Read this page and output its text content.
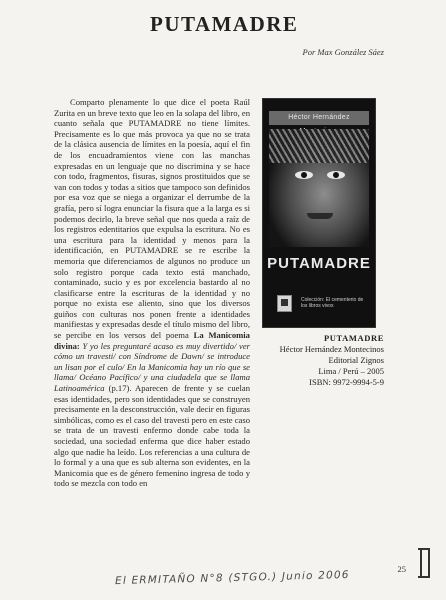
PUTAMADRE
Por Max González Sáez

Comparto plenamente lo que dice el poeta Raúl Zurita en un breve texto que leo en la solapa del libro, en cuanto señala que PUTAMADRE no tiene límites. Precisamente es lo que más provoca ya que no se trata de la clásica ausencia de límites en la poesía, aquí el fin de los encuadramientos viene con las manchas expresadas en un lenguaje que no discrimina y se hace con todo, fragmentos, fisuras, signos prostituidos que se van con todos y todas a sitios que tampoco son definidos por esa voz que se niega a organizar el derrumbe de la grafía, pero sí logra enunciar la fisura que a la larga es si podemos decirlo, la breve señal que nos queda a raíz de los registros edentitarios que expulsa la escritura. No es una escritura para la identidad y menos para la identificación, en PUTAMADRE se re escribe la memoria que diferenciamos de algunos no produce un solo registro porque cada texto está manchado, contaminado, sucio y es por excelencia bastardo al no clasificarse entre la escrituras de la identidad y no porque no exista ese aliento, sino que los diversos guiños con culturas nos ponen frente a identidades manifiestas y expresadas desde el título mismo del libro, se percibe en los versos del poema La Manicomia divina: Y yo les preguntaré acaso es muy divertido/ ver cómo un travesti/ con Síndrome de Dawn/ se introduce un lisan por el culo/ En la Manicomia hay un río que se llama/ Océano Pacífico/ y una ciudadela que se llama Latinoamérica (p.17). Aparecen de frente y se cuelan esas identidades, pero son identidades que se construyen precisamente en la desconstrucción, vale decir en figuras simbólicas, como es el caso del travesti pero en este caso se trata de un travesti enfermo donde cabe toda la sociedad, una sociedad enferma que dice haber estado algo que nadie ha leído. Los referencias a una cultura de lo formal y a una que es sub alterna son evidentes, en la Manicomia que es de género femenino ingresa de todo y todo se mezcla con todo en

Héctor Hernández
PUTAMADRE
Colección: El cementerio de los libros vivos
PUTAMADRE
Héctor Hernández Montecinos
Editorial Zignos
Lima / Perú – 2005
ISBN: 9972-9994-5-9
25
El ERMITAÑO N°8 (STGO.) Junio 2006
